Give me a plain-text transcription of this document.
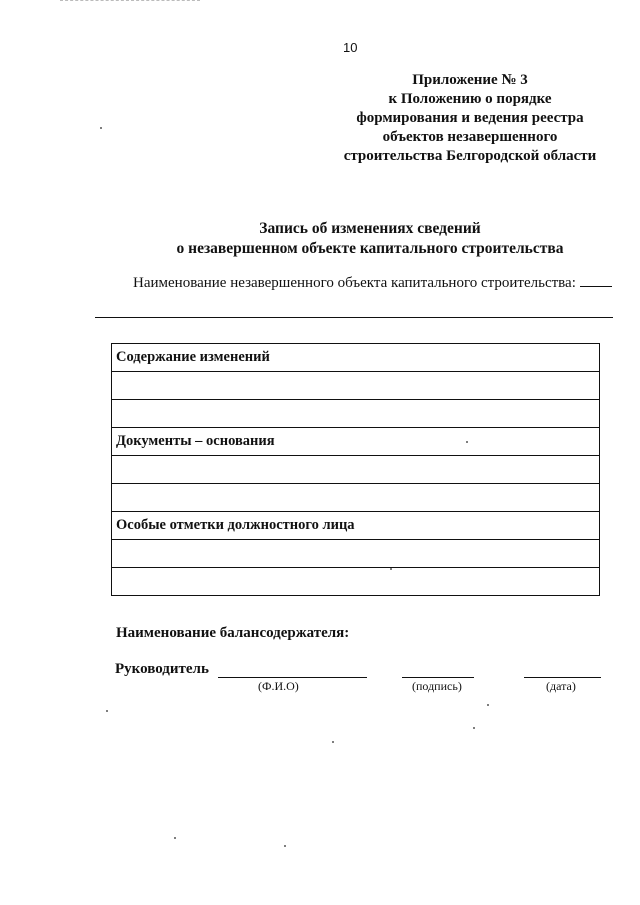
10
Приложение № 3
к Положению о порядке
формирования и ведения реестра
объектов незавершенного
строительства Белгородской области
Запись об изменениях сведений
о незавершенном объекте капитального строительства
Наименование незавершенного объекта капитального строительства:
Содержание изменений

Документы – основания

Особые отметки должностного лица

Наименование балансодержателя:
Руководитель
(Ф.И.О)	(подпись)	(дата)
